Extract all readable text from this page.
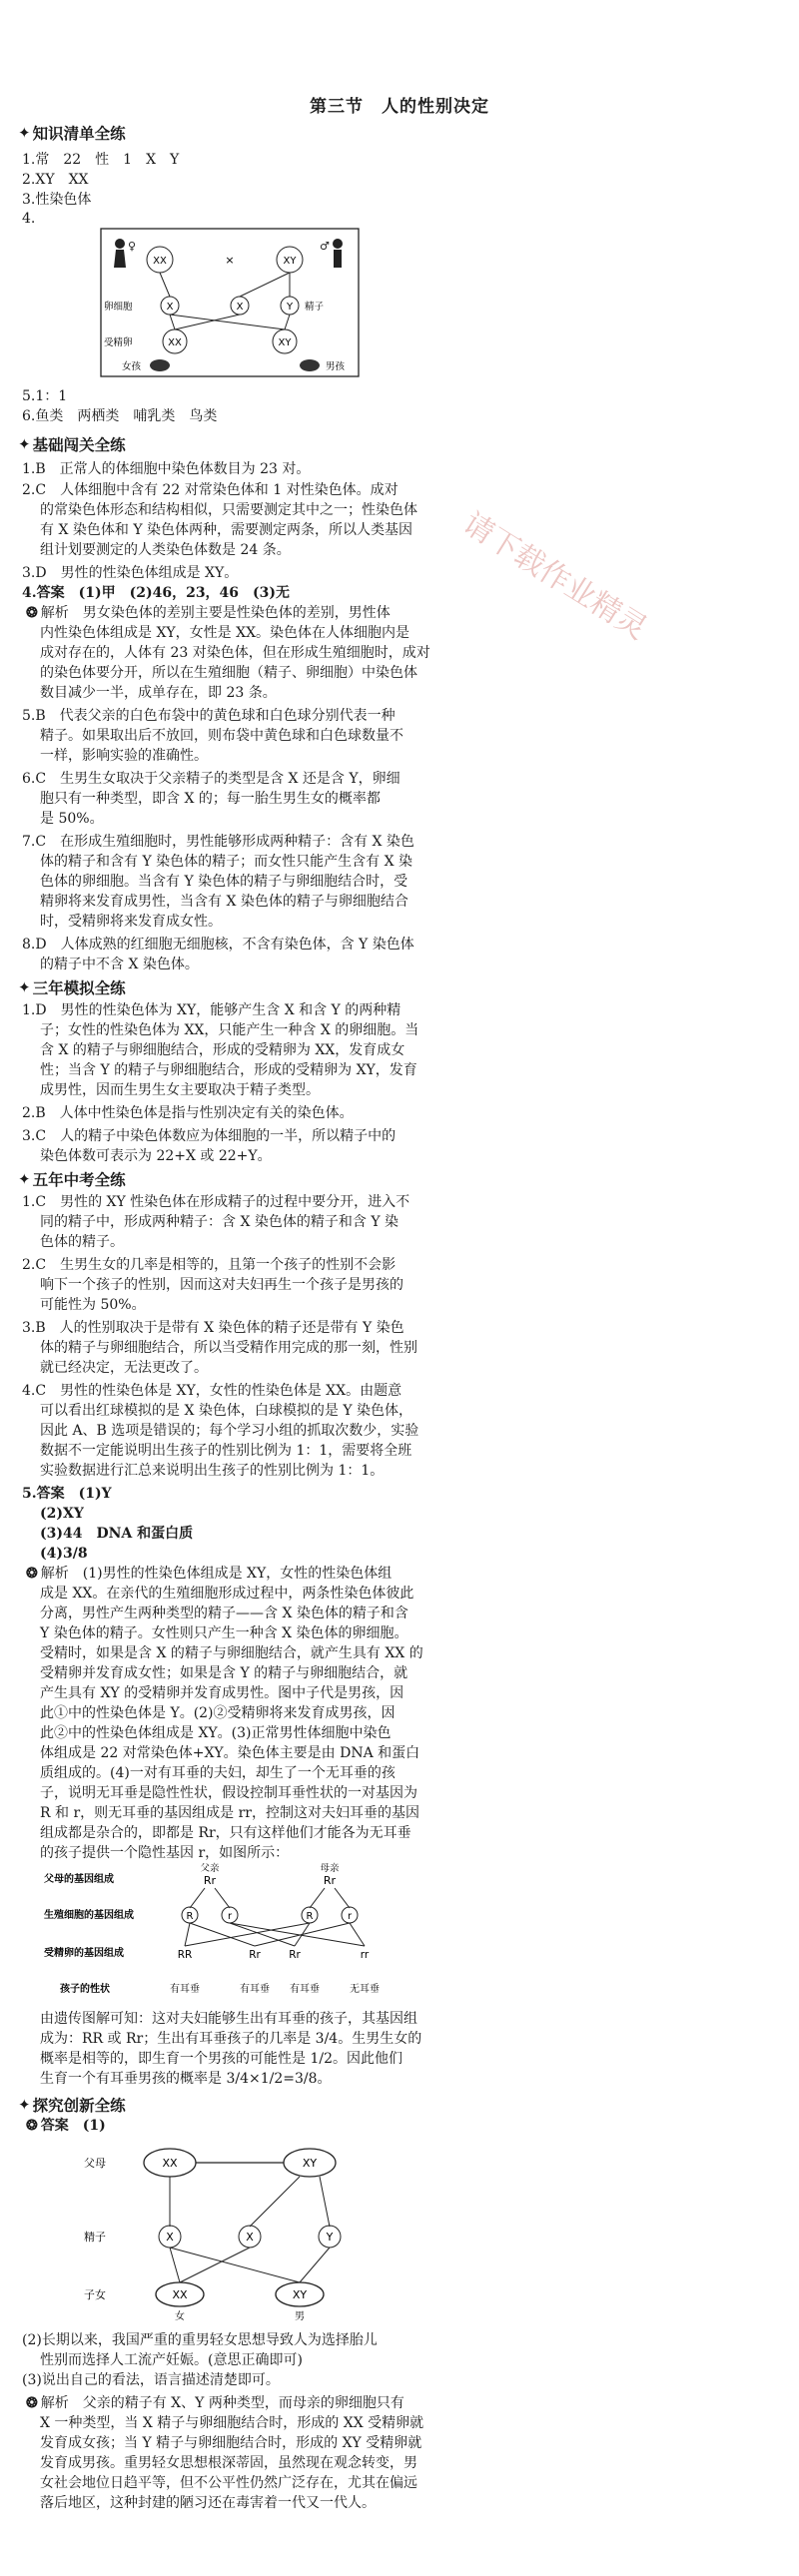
第三节　人的性别决定
✦ 知识清单全练
✦ 基础闯关全练
✦ 三年模拟全练
✦ 五年中考全练
✦ 探究创新全练
1.常　22　性　1　X　Y
2.XY　XX
3.性染色体
4.
5.1：1
6.鱼类　两栖类　哺乳类　鸟类
1.B　正常人的体细胞中染色体数目为 23 对。
2.C　人体细胞中含有 22 对常染色体和 1 对性染色体。成对
的常染色体形态和结构相似，只需要测定其中之一；性染色体
有 X 染色体和 Y 染色体两种，需要测定两条，所以人类基因
组计划要测定的人类染色体数是 24 条。
3.D　男性的性染色体组成是 XY。
4.答案　(1)甲　(2)46，23，46　(3)无
❂ 解析　男女染色体的差别主要是性染色体的差别，男性体
内性染色体组成是 XY，女性是 XX。染色体在人体细胞内是
成对存在的，人体有 23 对染色体，但在形成生殖细胞时，成对
的染色体要分开，所以在生殖细胞（精子、卵细胞）中染色体
数目减少一半，成单存在，即 23 条。
5.B　代表父亲的白色布袋中的黄色球和白色球分别代表一种
精子。如果取出后不放回，则布袋中黄色球和白色球数量不
一样，影响实验的准确性。
6.C　生男生女取决于父亲精子的类型是含 X 还是含 Y，卵细
胞只有一种类型，即含 X 的；每一胎生男生女的概率都
是 50%。
7.C　在形成生殖细胞时，男性能够形成两种精子：含有 X 染色
体的精子和含有 Y 染色体的精子；而女性只能产生含有 X 染
色体的卵细胞。当含有 Y 染色体的精子与卵细胞结合时，受
精卵将来发育成男性，当含有 X 染色体的精子与卵细胞结合
时，受精卵将来发育成女性。
8.D　人体成熟的红细胞无细胞核，不含有染色体，含 Y 染色体
的精子中不含 X 染色体。
1.D　男性的性染色体为 XY，能够产生含 X 和含 Y 的两种精
子；女性的性染色体为 XX，只能产生一种含 X 的卵细胞。当
含 X 的精子与卵细胞结合，形成的受精卵为 XX，发育成女
性；当含 Y 的精子与卵细胞结合，形成的受精卵为 XY，发育
成男性，因而生男生女主要取决于精子类型。
2.B　人体中性染色体是指与性别决定有关的染色体。
3.C　人的精子中染色体数应为体细胞的一半，所以精子中的
染色体数可表示为 22+X 或 22+Y。
1.C　男性的 XY 性染色体在形成精子的过程中要分开，进入不
同的精子中，形成两种精子：含 X 染色体的精子和含 Y 染
色体的精子。
2.C　生男生女的几率是相等的，且第一个孩子的性别不会影
响下一个孩子的性别，因而这对夫妇再生一个孩子是男孩的
可能性为 50%。
3.B　人的性别取决于是带有 X 染色体的精子还是带有 Y 染色
体的精子与卵细胞结合，所以当受精作用完成的那一刻，性别
就已经决定，无法更改了。
4.C　男性的性染色体是 XY，女性的性染色体是 XX。由题意
可以看出红球模拟的是 X 染色体，白球模拟的是 Y 染色体，
因此 A、B 选项是错误的；每个学习小组的抓取次数少，实验
数据不一定能说明出生孩子的性别比例为 1：1，需要将全班
实验数据进行汇总来说明出生孩子的性别比例为 1：1。
5.答案　(1)Y
(2)XY
(3)44　DNA 和蛋白质
(4)3/8
❂ 解析　(1)男性的性染色体组成是 XY，女性的性染色体组
成是 XX。在亲代的生殖细胞形成过程中，两条性染色体彼此
分离，男性产生两种类型的精子——含 X 染色体的精子和含
Y 染色体的精子。女性则只产生一种含 X 染色体的卵细胞。
受精时，如果是含 X 的精子与卵细胞结合，就产生具有 XX 的
受精卵并发育成女性；如果是含 Y 的精子与卵细胞结合，就
产生具有 XY 的受精卵并发育成男性。图中子代是男孩，因
此①中的性染色体是 Y。(2)②受精卵将来发育成男孩，因
此②中的性染色体组成是 XY。(3)正常男性体细胞中染色
体组成是 22 对常染色体+XY。染色体主要是由 DNA 和蛋白
质组成的。(4)一对有耳垂的夫妇，却生了一个无耳垂的孩
子，说明无耳垂是隐性性状，假设控制耳垂性状的一对基因为
R 和 r，则无耳垂的基因组成是 rr，控制这对夫妇耳垂的基因
组成都是杂合的，即都是 Rr，只有这样他们才能各为无耳垂
的孩子提供一个隐性基因 r，如图所示：
由遗传图解可知：这对夫妇能够生出有耳垂的孩子，其基因组
成为：RR 或 Rr；生出有耳垂孩子的几率是 3/4。生男生女的
概率是相等的，即生育一个男孩的可能性是 1/2。因此他们
生育一个有耳垂男孩的概率是 3/4×1/2=3/8。
❂ 答案　(1)
(2)长期以来，我国严重的重男轻女思想导致人为选择胎儿
性别而选择人工流产妊娠。(意思正确即可)
(3)说出自己的看法，语言描述清楚即可。
❂ 解析　父亲的精子有 X、Y 两种类型，而母亲的卵细胞只有
X 一种类型，当 X 精子与卵细胞结合时，形成的 XX 受精卵就
发育成女孩；当 Y 精子与卵细胞结合时，形成的 XY 受精卵就
发育成男孩。重男轻女思想根深蒂固，虽然现在观念转变，男
女社会地位日趋平等，但不公平性仍然广泛存在，尤其在偏远
落后地区，这种封建的陋习还在毒害着一代又一代人。
♀	♂
XX	×	XY
卵细胞	X	X	Y 精子
受精卵	XX	XY
女孩	男孩
父母的基因组成
生殖细胞的基因组成
受精卵的基因组成
孩子的性状
父亲	母亲
Rr	Rr
R	r	R	r
RR	Rr	Rr	rr
有耳垂	有耳垂 有耳垂	无耳垂
父母	XX	XY
精子	X	X	Y
子女	XX	XY
女	男
请下载作业精灵
